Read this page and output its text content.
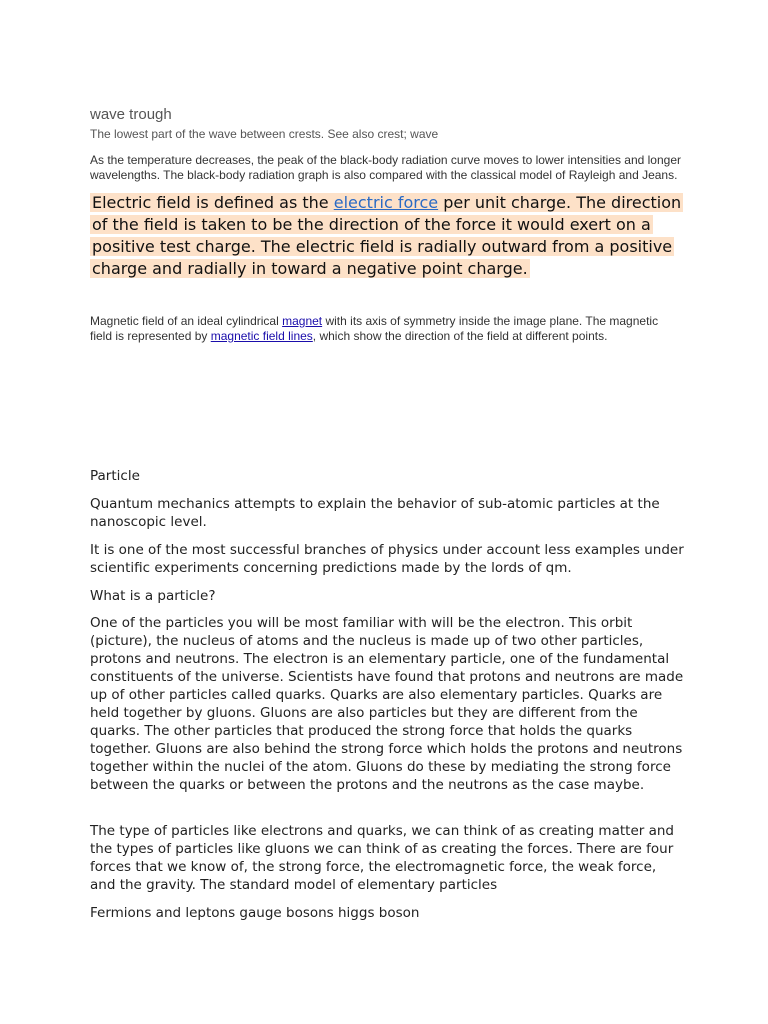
wave trough
The lowest part of the wave between crests. See also crest; wave
As the temperature decreases, the peak of the black-body radiation curve moves to lower intensities and longer wavelengths. The black-body radiation graph is also compared with the classical model of Rayleigh and Jeans.
Electric field is defined as the electric force per unit charge. The direction of the field is taken to be the direction of the force it would exert on a positive test charge. The electric field is radially outward from a positive charge and radially in toward a negative point charge.
Magnetic field of an ideal cylindrical magnet with its axis of symmetry inside the image plane. The magnetic field is represented by magnetic field lines, which show the direction of the field at different points.
Particle
Quantum mechanics attempts to explain the behavior of sub-atomic particles at the nanoscopic level.
It is one of the most successful branches of physics under account less examples under scientific experiments concerning predictions made by the lords of qm.
What is a particle?
One of the particles you will be most familiar with will be the electron. This orbit (picture), the nucleus of atoms and the nucleus is made up of two other particles, protons and neutrons. The electron is an elementary particle, one of the fundamental constituents of the universe. Scientists have found that protons and neutrons are made up of other particles called quarks. Quarks are also elementary particles. Quarks are held together by gluons. Gluons are also particles but they are different from the quarks. The other particles that produced the strong force that holds the quarks together. Gluons are also behind the strong force which holds the protons and neutrons together within the nuclei of the atom. Gluons do these by mediating the strong force between the quarks or between the protons and the neutrons as the case maybe.
The type of particles like electrons and quarks, we can think of as creating matter and the types of particles like gluons we can think of as creating the forces. There are four forces that we know of, the strong force, the electromagnetic force, the weak force, and the gravity. The standard model of elementary particles
Fermions and leptons gauge bosons higgs boson
